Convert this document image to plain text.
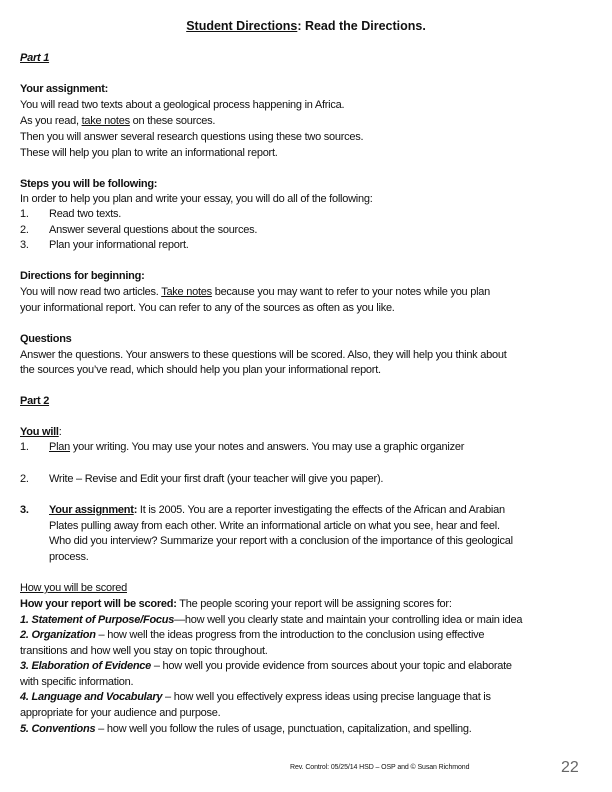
Student Directions: Read the Directions.
Part 1
Your assignment:
You will read two texts about a geological process happening in Africa.
As you read, take notes on these sources.
Then you will answer several research questions using these two sources.
These will help you plan to write an informational report.
Steps you will be following:
In order to help you plan and write your essay, you will do all of the following:
1. Read two texts.
2. Answer several questions about the sources.
3. Plan your informational report.
Directions for beginning:
You will now read two articles. Take notes because you may want to refer to your notes while you plan
your informational report. You can refer to any of the sources as often as you like.
Questions
Answer the questions. Your answers to these questions will be scored. Also, they will help you think about
the sources you’ve read, which should help you plan your informational report.
Part 2
You will:
1. Plan your writing. You may use your notes and answers. You may use a graphic organizer
2. Write – Revise and Edit your first draft (your teacher will give you paper).
3. Your assignment: It is 2005. You are a reporter investigating the effects of the African and Arabian
Plates pulling away from each other. Write an informational article on what you see, hear and feel.
Who did you interview? Summarize your report with a conclusion of the importance of this geological
process.
How you will be scored
How your report will be scored: The people scoring your report will be assigning scores for:
1. Statement of Purpose/Focus—how well you clearly state and maintain your controlling idea or main idea
2. Organization – how well the ideas progress from the introduction to the conclusion using effective
transitions and how well you stay on topic throughout.
3. Elaboration of Evidence – how well you provide evidence from sources about your topic and elaborate
with specific information.
4. Language and Vocabulary – how well you effectively express ideas using precise language that is
appropriate for your audience and purpose.
5. Conventions – how well you follow the rules of usage, punctuation, capitalization, and spelling.
Rev. Control: 05/25/14 HSD – OSP and © Susan Richmond	22
